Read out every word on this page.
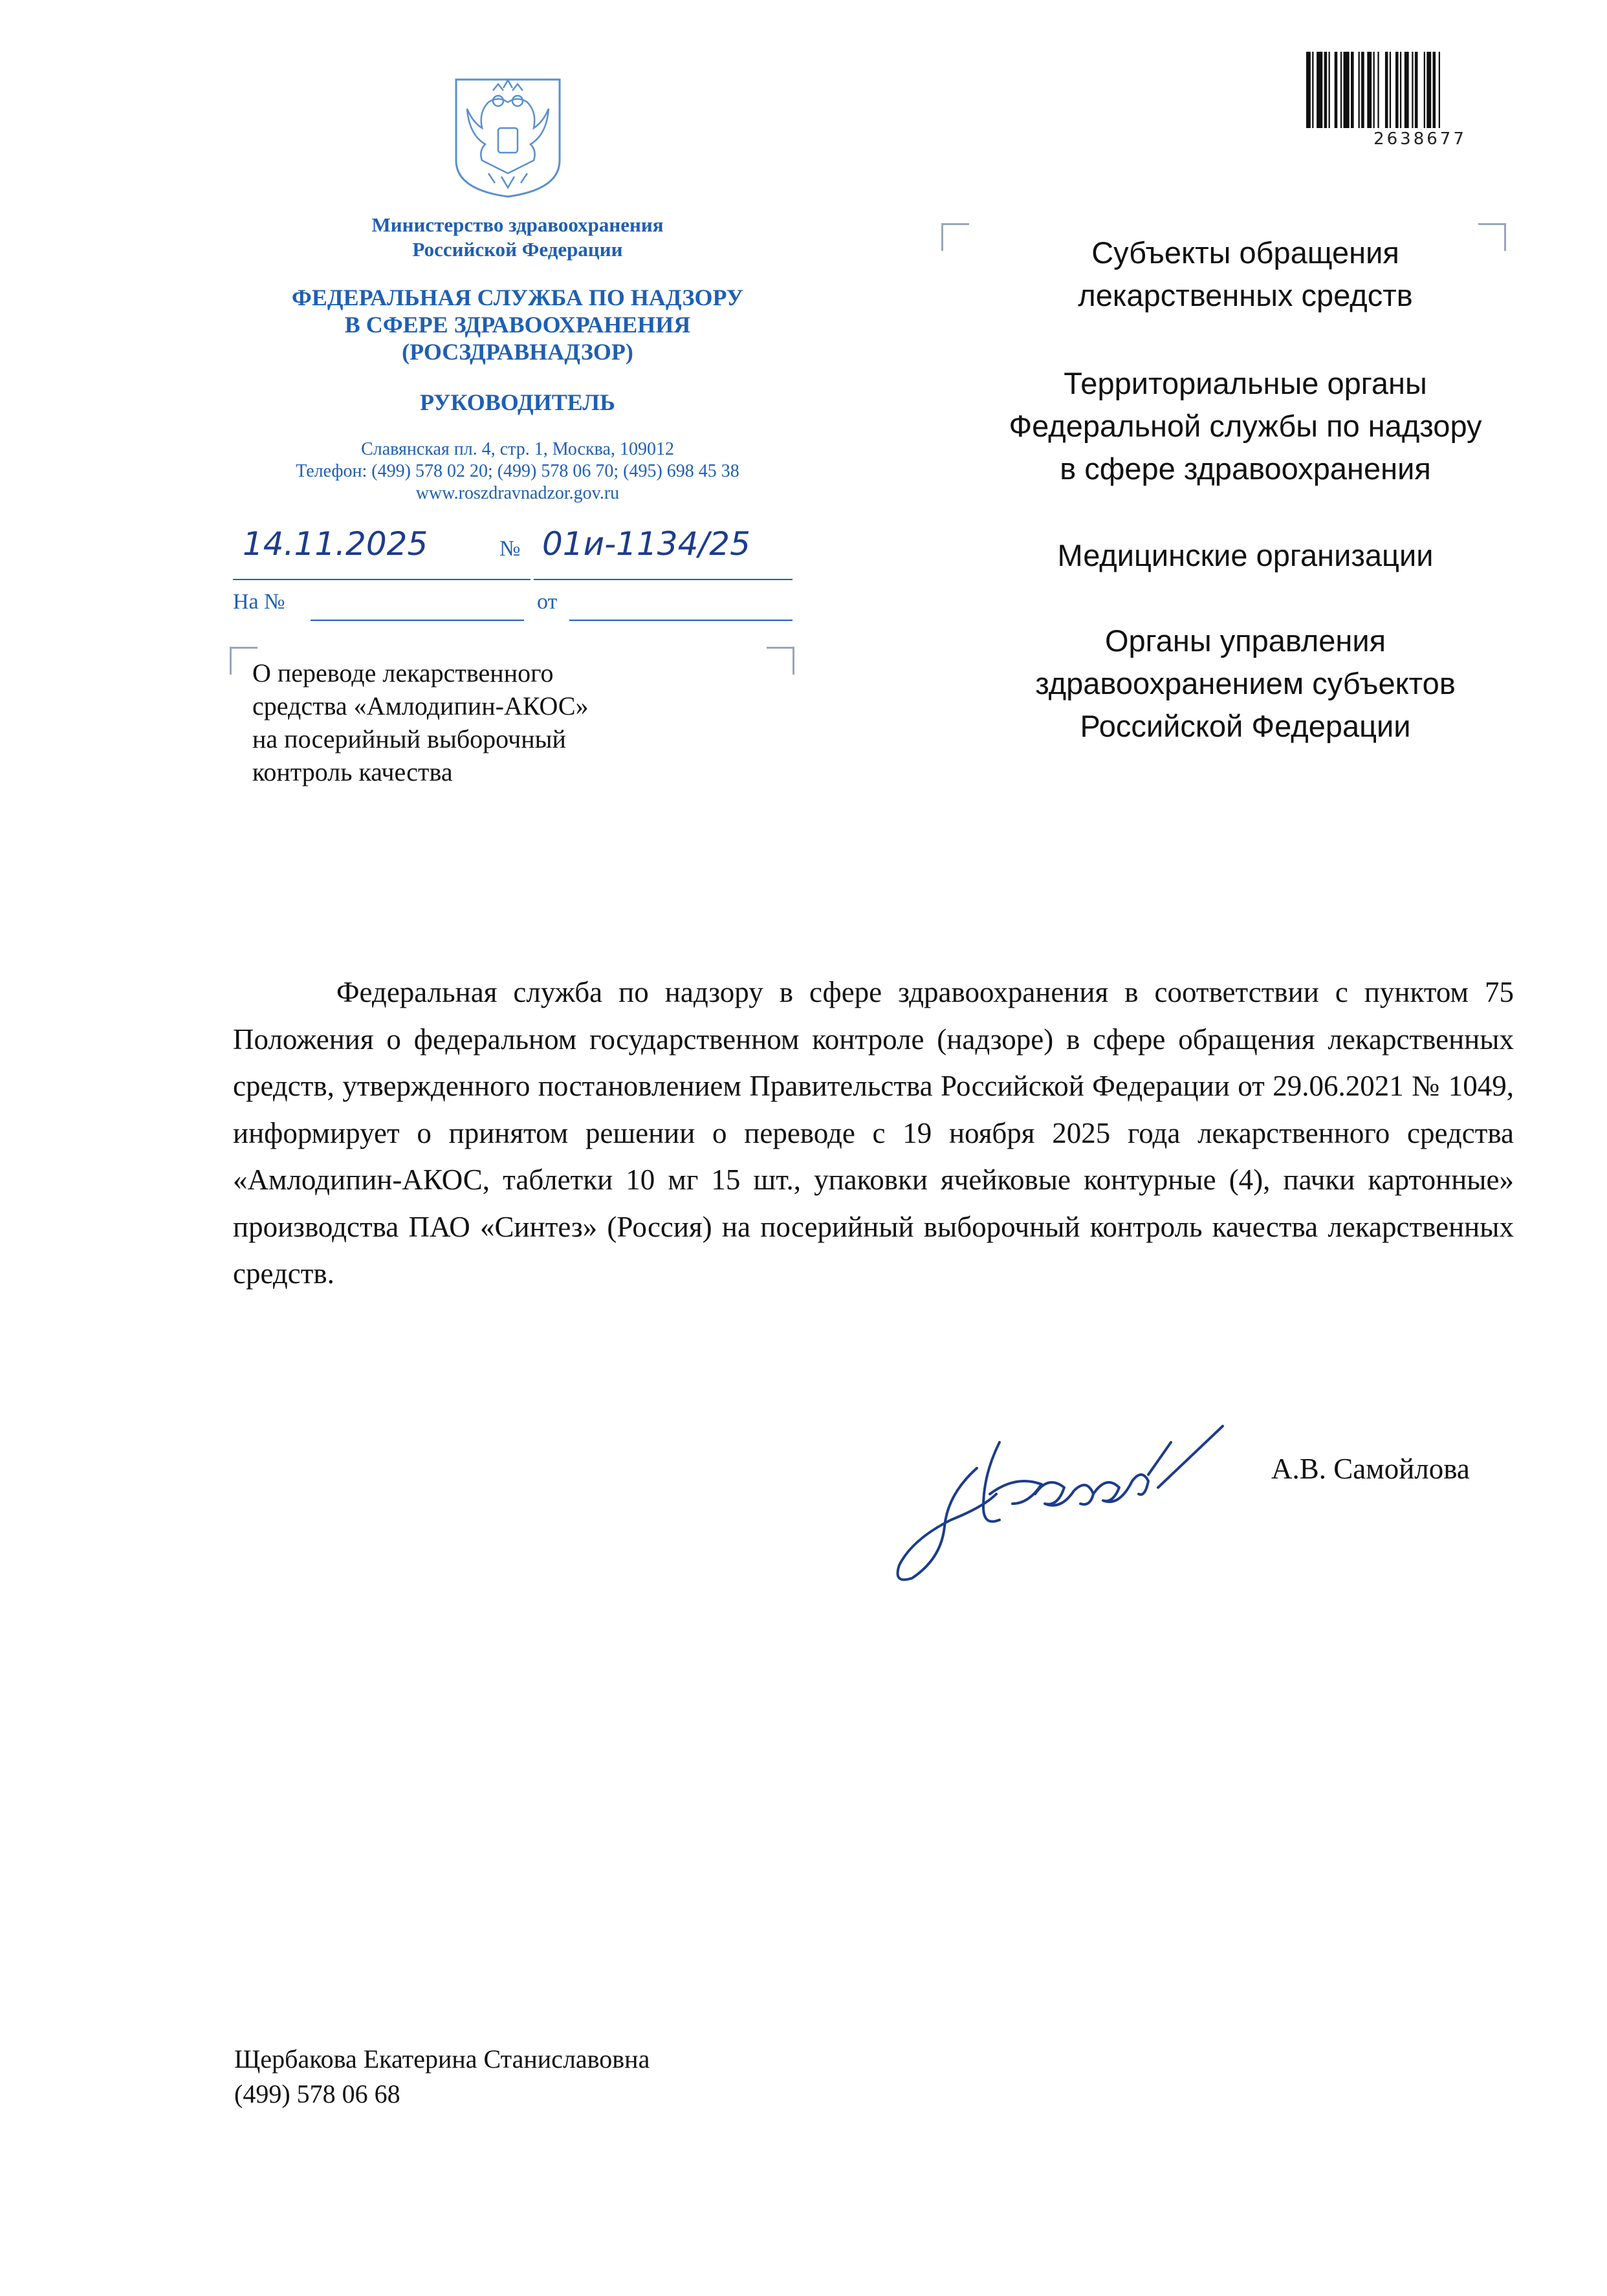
Министерство здравоохранения
Российской Федерации
ФЕДЕРАЛЬНАЯ СЛУЖБА ПО НАДЗОРУ
В СФЕРЕ ЗДРАВООХРАНЕНИЯ
(РОСЗДРАВНАДЗОР)
РУКОВОДИТЕЛЬ
Славянская пл. 4, стр. 1, Москва, 109012
Телефон: (499) 578 02 20; (499) 578 06 70; (495) 698 45 38
www.roszdravnadzor.gov.ru
2638677
14.11.2025	№ 01и-1134/25
На №	от
Субъекты обращения
лекарственных средств
Территориальные органы
Федеральной службы по надзору
в сфере здравоохранения
Медицинские организации
Органы управления
здравоохранением субъектов
Российской Федерации
О переводе лекарственного
средства «Амлодипин-АКОС»
на посерийный выборочный
контроль качества

Федеральная служба по надзору в сфере здравоохранения в соответствии с пунктом 75 Положения о федеральном государственном контроле (надзоре) в сфере обращения лекарственных средств, утвержденного постановлением Правительства Российской Федерации от 29.06.2021 № 1049, информирует о принятом решении о переводе с 19 ноября 2025 года лекарственного средства «Амлодипин-АКОС, таблетки 10 мг 15 шт., упаковки ячейковые контурные (4), пачки картонные» производства ПАО «Синтез» (Россия) на посерийный выборочный контроль качества лекарственных средств.

А.В. Самойлова
Щербакова Екатерина Станиславовна
(499) 578 06 68
